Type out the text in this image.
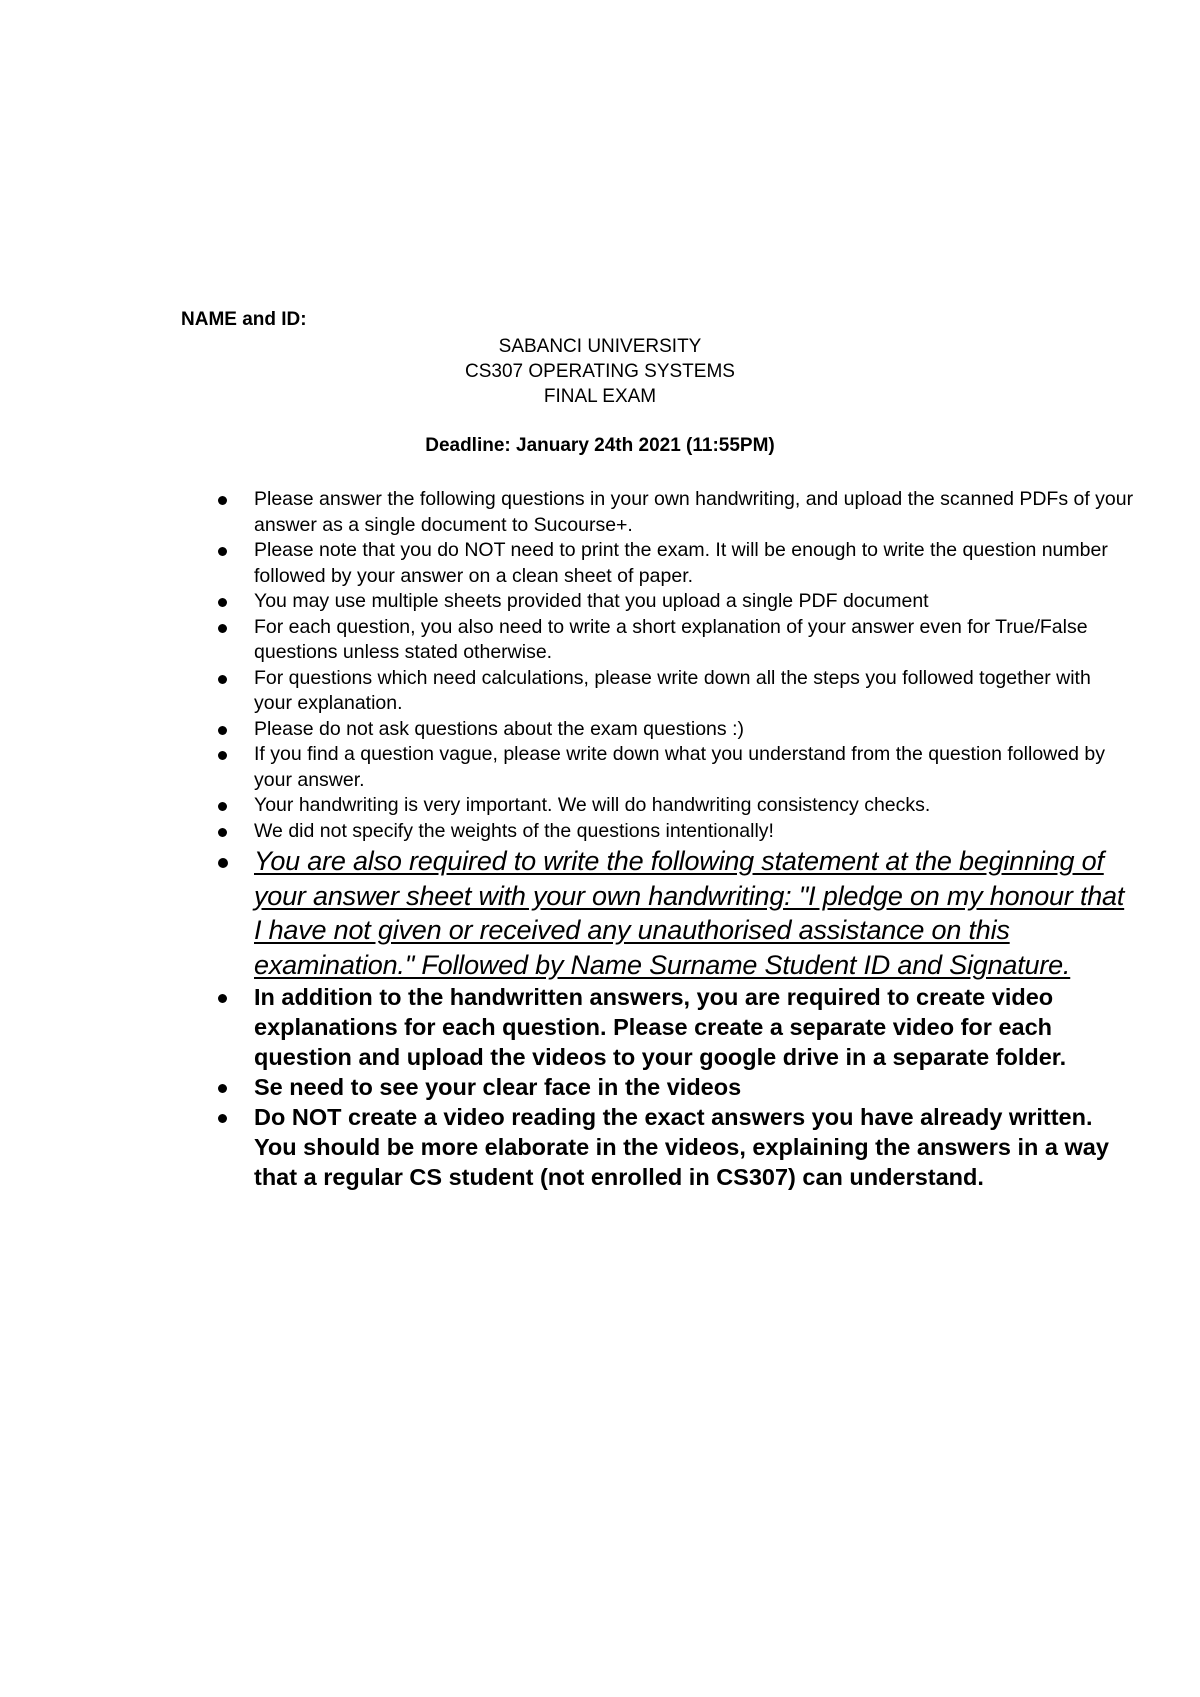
NAME and ID:
SABANCI UNIVERSITY
CS307 OPERATING SYSTEMS
FINAL EXAM
Deadline: January 24th 2021 (11:55PM)
Please answer the following questions in your own handwriting, and upload the scanned PDFs of your answer as a single document to Sucourse+.
Please note that you do NOT need to print the exam. It will be enough to write the question number followed by your answer on a clean sheet of paper.
You may use multiple sheets provided that you upload a single PDF document
For each question, you also need to write a short explanation of your answer even for True/False questions unless stated otherwise.
For questions which need calculations, please write down all the steps you followed together with your explanation.
Please do not ask questions about the exam questions :)
If you find a question vague, please write down what you understand from the question followed by your answer.
Your handwriting is very important. We will do handwriting consistency checks.
We did not specify the weights of the questions intentionally!
You are also required to write the following statement at the beginning of your answer sheet with your own handwriting: "I pledge on my honour that I have not given or received any unauthorised assistance on this examination." Followed by Name Surname Student ID and Signature.
In addition to the handwritten answers, you are required to create video explanations for each question. Please create a separate video for each question and upload the videos to your google drive in a separate folder.
Se need to see your clear face in the videos
Do NOT create a video reading the exact answers you have already written. You should be more elaborate in the videos, explaining the answers in a way that a regular CS student (not enrolled in CS307) can understand.
